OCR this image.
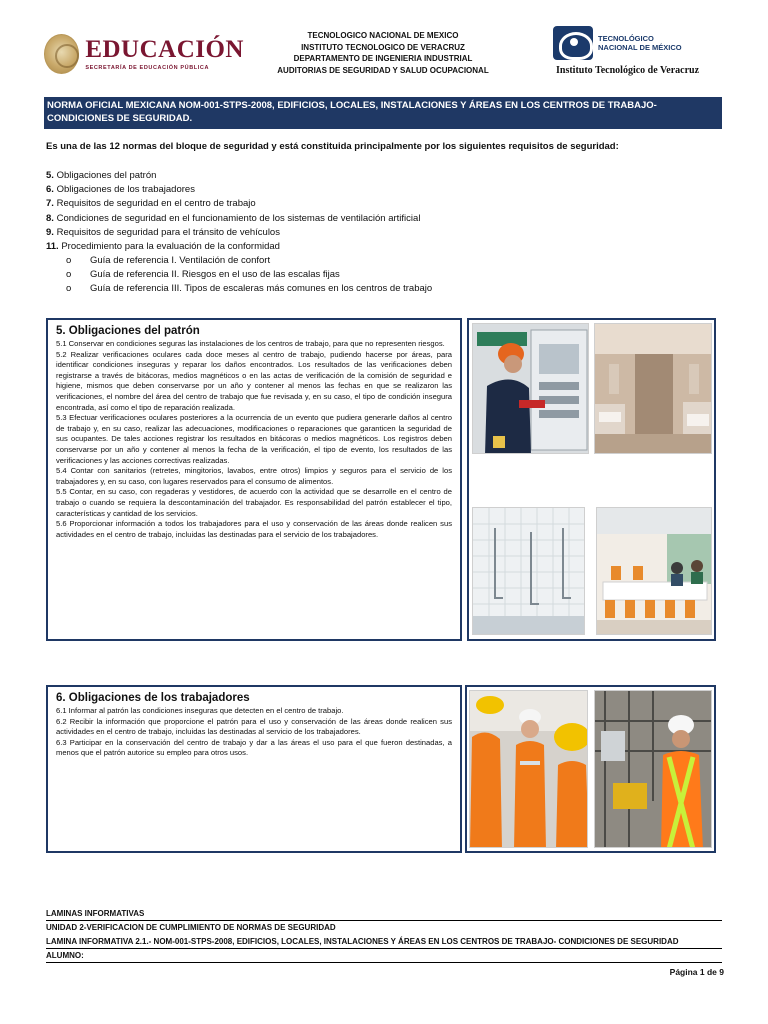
EDUCACIÓN
SECRETARÍA DE EDUCACIÓN PÚBLICA
TECNOLOGICO NACIONAL DE MEXICO
INSTITUTO TECNOLOGICO DE VERACRUZ
DEPARTAMENTO DE INGENIERIA INDUSTRIAL
AUDITORIAS DE SEGURIDAD Y SALUD OCUPACIONAL
TECNOLÓGICO
NACIONAL DE MÉXICO
Instituto Tecnológico de Veracruz
NORMA OFICIAL MEXICANA NOM-001-STPS-2008, EDIFICIOS, LOCALES, INSTALACIONES Y ÁREAS EN LOS CENTROS DE TRABAJO- CONDICIONES DE SEGURIDAD.
Es una de las 12 normas del bloque de seguridad y está constituida principalmente por los siguientes requisitos de seguridad:
5. Obligaciones del patrón
6. Obligaciones de los trabajadores
7. Requisitos de seguridad en el centro de trabajo
8. Condiciones de seguridad en el funcionamiento de los sistemas de ventilación artificial
9. Requisitos de seguridad para el tránsito de vehículos
11. Procedimiento para la evaluación de la conformidad
o	Guía de referencia I. Ventilación de confort
o	Guía de referencia II. Riesgos en el uso de las escalas fijas
o	Guía de referencia III. Tipos de escaleras más comunes en los centros de trabajo
5. Obligaciones del patrón

5.1 Conservar en condiciones seguras las instalaciones de los centros de trabajo, para que no representen riesgos.

5.2 Realizar verificaciones oculares cada doce meses al centro de trabajo, pudiendo hacerse por áreas, para identificar condiciones inseguras y reparar los daños encontrados. Los resultados de las verificaciones deben registrarse a través de bitácoras, medios magnéticos o en las actas de verificación de la comisión de seguridad e higiene, mismos que deben conservarse por un año y contener al menos las fechas en que se realizaron las verificaciones, el nombre del área del centro de trabajo que fue revisada y, en su caso, el tipo de condición insegura encontrada, así como el tipo de reparación realizada.

5.3 Efectuar verificaciones oculares posteriores a la ocurrencia de un evento que pudiera generarle daños al centro de trabajo y, en su caso, realizar las adecuaciones, modificaciones o reparaciones que garanticen la seguridad de sus ocupantes. De tales acciones registrar los resultados en bitácoras o medios magnéticos. Los registros deben conservarse por un año y contener al menos la fecha de la verificación, el tipo de evento, los resultados de las verificaciones y las acciones correctivas realizadas.

5.4 Contar con sanitarios (retretes, mingitorios, lavabos, entre otros) limpios y seguros para el servicio de los trabajadores y, en su caso, con lugares reservados para el consumo de alimentos.

5.5 Contar, en su caso, con regaderas y vestidores, de acuerdo con la actividad que se desarrolle en el centro de trabajo o cuando se requiera la descontaminación del trabajador. Es responsabilidad del patrón establecer el tipo, características y cantidad de los servicios.

5.6 Proporcionar información a todos los trabajadores para el uso y conservación de las áreas donde realicen sus actividades en el centro de trabajo, incluidas las destinadas para el servicio de los trabajadores.

6. Obligaciones de los trabajadores

6.1 Informar al patrón las condiciones inseguras que detecten en el centro de trabajo.

6.2 Recibir la información que proporcione el patrón para el uso y conservación de las áreas donde realicen sus actividades en el centro de trabajo, incluidas las destinadas al servicio de los trabajadores.

6.3 Participar en la conservación del centro de trabajo y dar a las áreas el uso para el que fueron destinadas, a menos que el patrón autorice su empleo para otros usos.

LAMINAS INFORMATIVAS
UNIDAD 2-VERIFICACION DE CUMPLIMIENTO DE NORMAS DE SEGURIDAD
LAMINA INFORMATIVA 2.1.- NOM-001-STPS-2008, EDIFICIOS, LOCALES, INSTALACIONES Y ÁREAS EN LOS CENTROS DE TRABAJO- CONDICIONES DE SEGURIDAD
ALUMNO:
Página 1 de 9
